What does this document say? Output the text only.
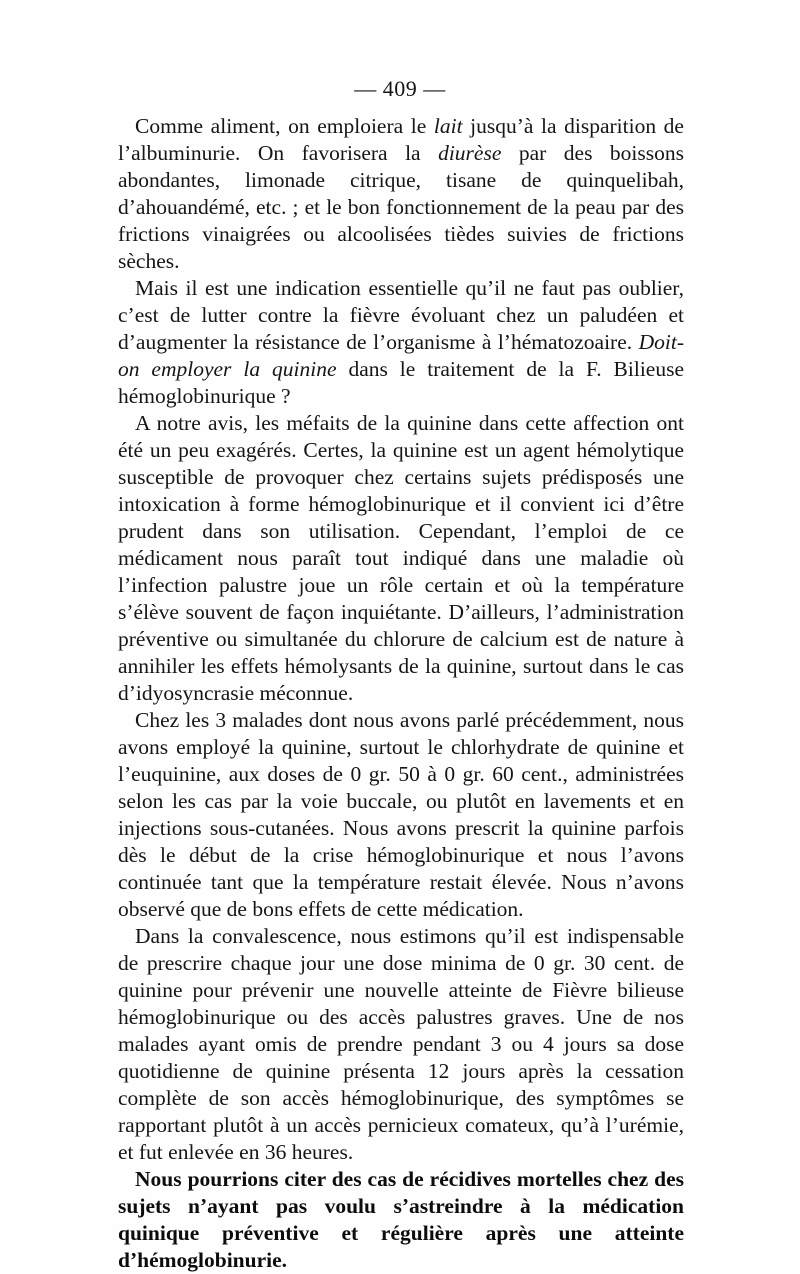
— 409 —

Comme aliment, on emploiera le lait jusqu’à la disparition de l’albuminurie. On favorisera la diurèse par des boissons abondantes, limonade citrique, tisane de quinquelibah, d’ahouandémé, etc. ; et le bon fonctionnement de la peau par des frictions vinaigrées ou alcoolisées tièdes suivies de frictions sèches.

Mais il est une indication essentielle qu’il ne faut pas oublier, c’est de lutter contre la fièvre évoluant chez un paludéen et d’augmenter la résistance de l’organisme à l’hématozoaire. Doit-on employer la quinine dans le traitement de la F. Bilieuse hémoglobinurique ?

A notre avis, les méfaits de la quinine dans cette affection ont été un peu exagérés. Certes, la quinine est un agent hémolytique susceptible de provoquer chez certains sujets prédisposés une intoxication à forme hémoglobinurique et il convient ici d’être prudent dans son utilisation. Cependant, l’emploi de ce médicament nous paraît tout indiqué dans une maladie où l’infection palustre joue un rôle certain et où la température s’élève souvent de façon inquiétante. D’ailleurs, l’administration préventive ou simultanée du chlorure de calcium est de nature à annihiler les effets hémolysants de la quinine, surtout dans le cas d’idyosyncrasie méconnue.

Chez les 3 malades dont nous avons parlé précédemment, nous avons employé la quinine, surtout le chlorhydrate de quinine et l’euquinine, aux doses de 0 gr. 50 à 0 gr. 60 cent., administrées selon les cas par la voie buccale, ou plutôt en lavements et en injections sous-cutanées. Nous avons prescrit la quinine parfois dès le début de la crise hémoglobinurique et nous l’avons continuée tant que la température restait élevée. Nous n’avons observé que de bons effets de cette médication.

Dans la convalescence, nous estimons qu’il est indispensable de prescrire chaque jour une dose minima de 0 gr. 30 cent. de quinine pour prévenir une nouvelle atteinte de Fièvre bilieuse hémoglobinurique ou des accès palustres graves. Une de nos malades ayant omis de prendre pendant 3 ou 4 jours sa dose quotidienne de quinine présenta 12 jours après la cessation complète de son accès hémoglobinurique, des symptômes se rapportant plutôt à un accès pernicieux comateux, qu’à l’urémie, et fut enlevée en 36 heures.

Nous pourrions citer des cas de récidives mortelles chez des sujets n’ayant pas voulu s’astreindre à la médication quinique préventive et régulière après une atteinte d’hémoglobinurie.
